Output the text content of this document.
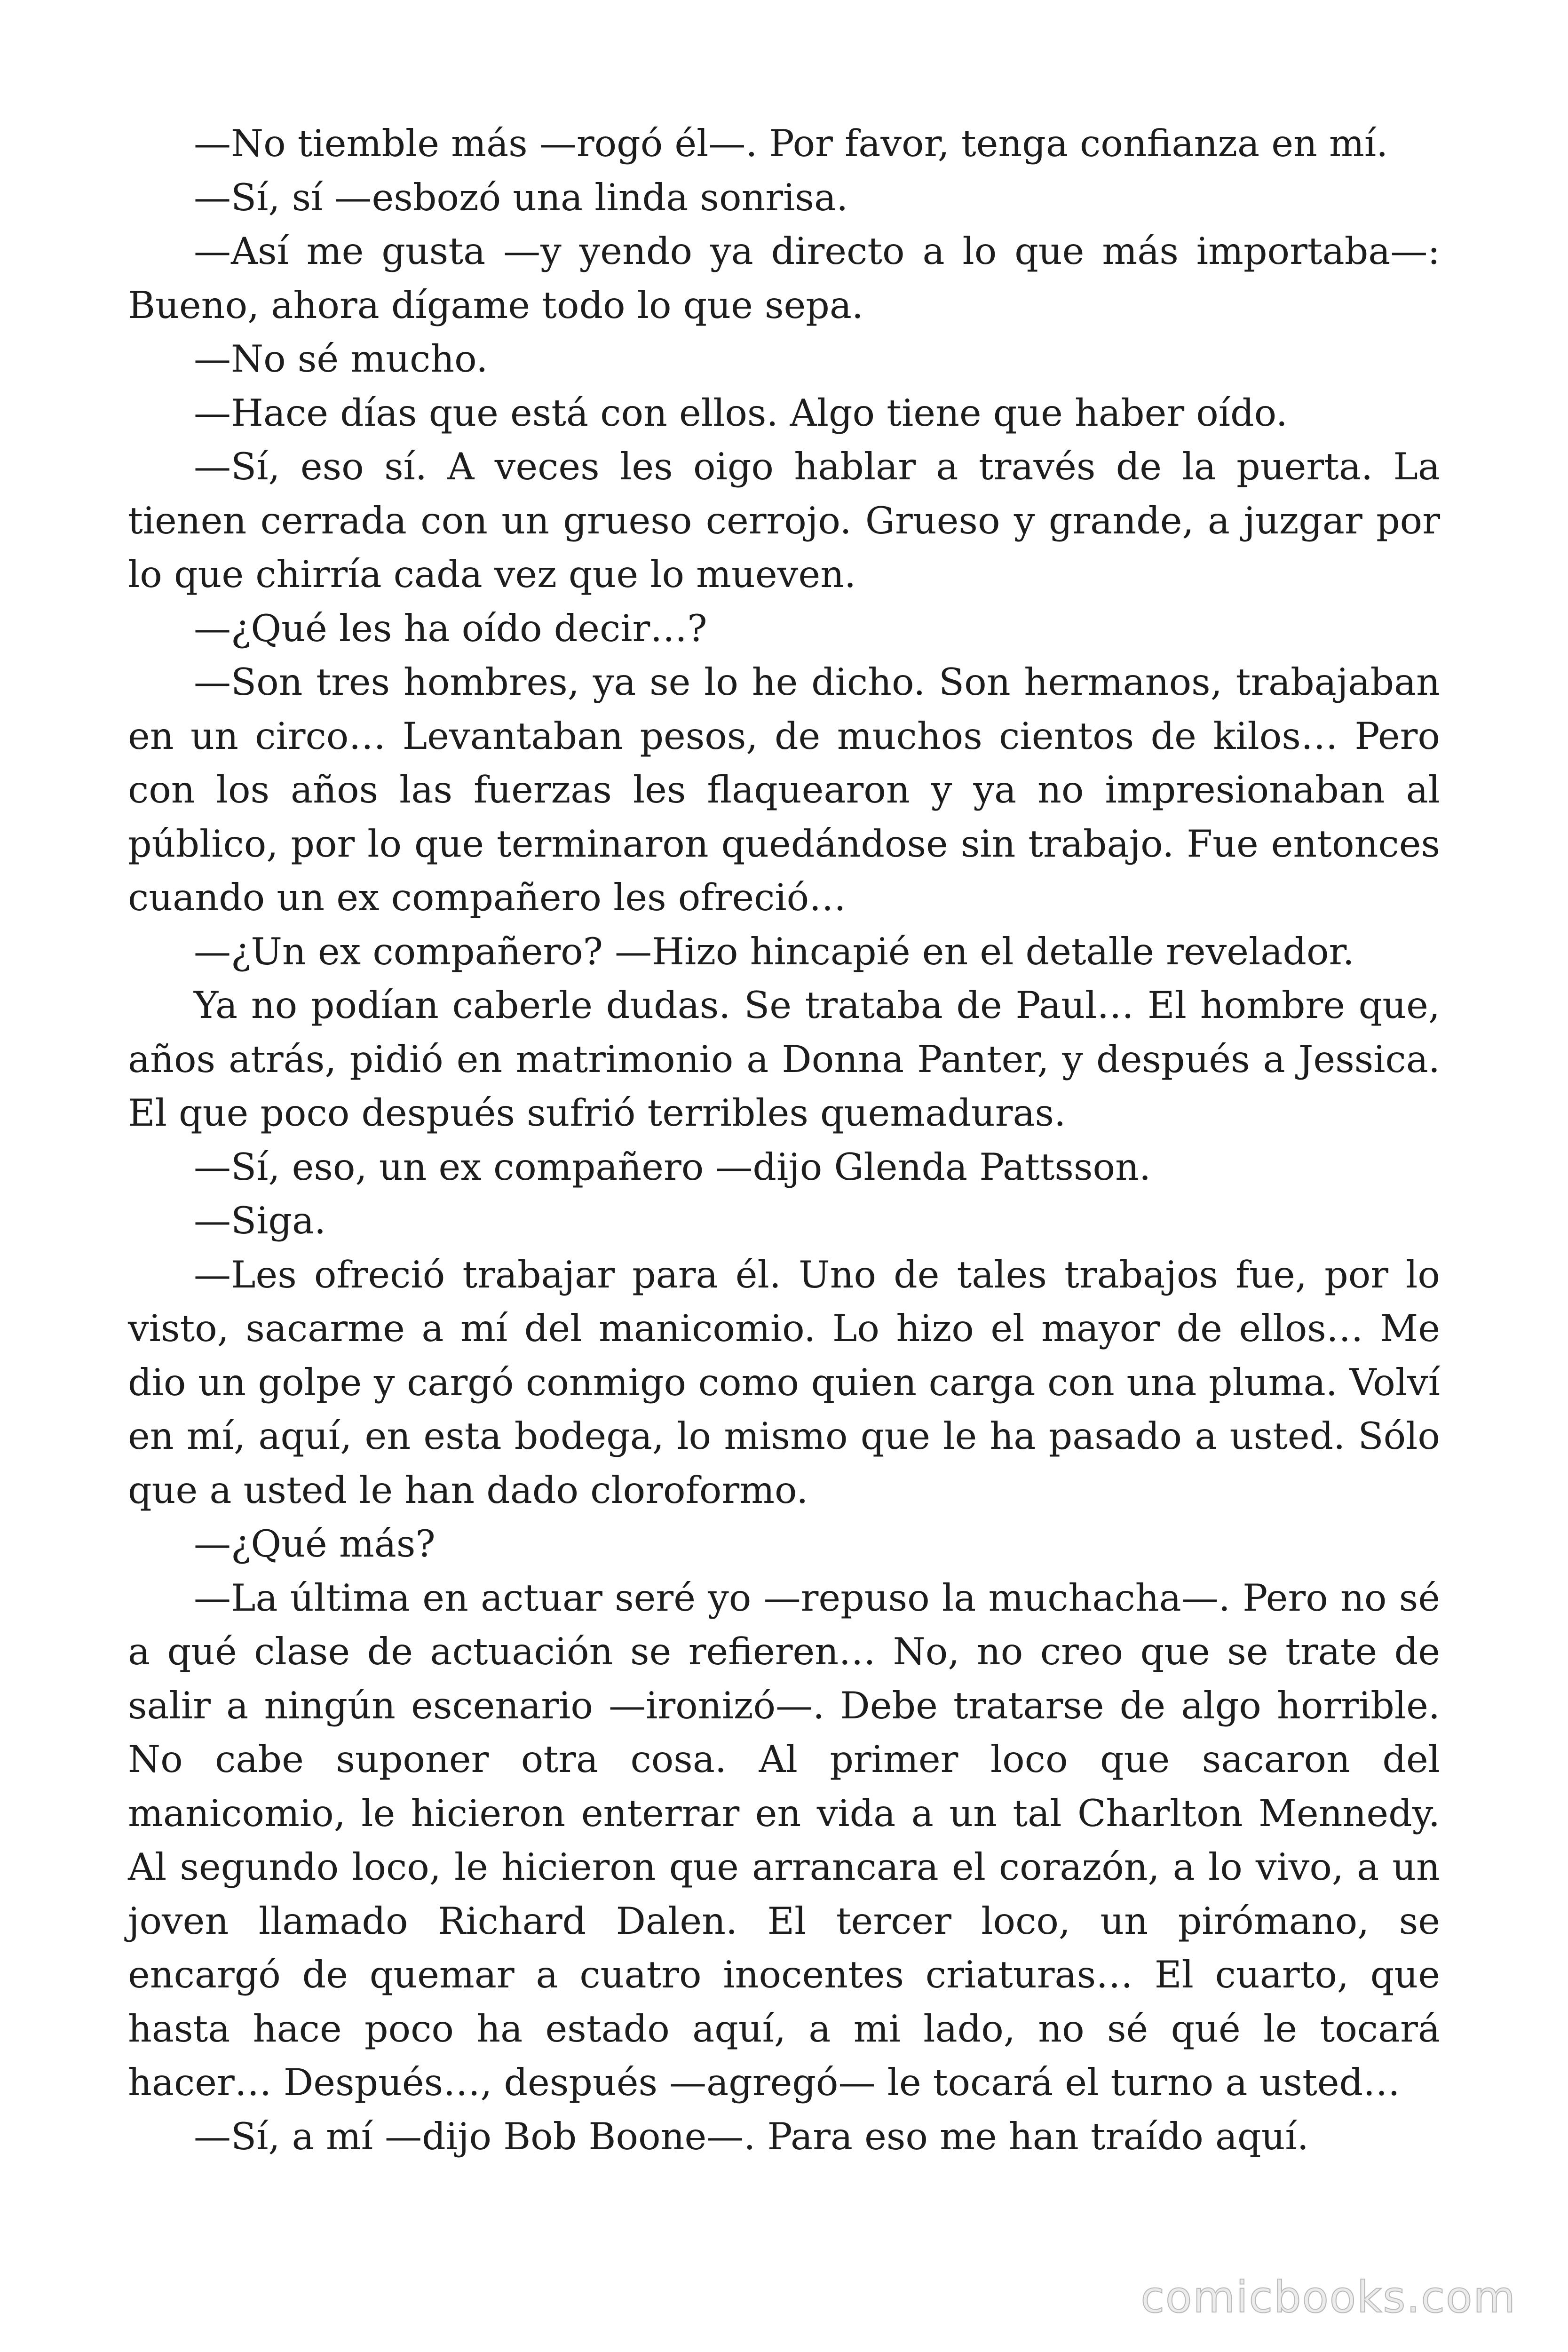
—No tiemble más —rogó él—. Por favor, tenga confianza en mí.

—Sí, sí —esbozó una linda sonrisa.

—Así me gusta —y yendo ya directo a lo que más importaba—: Bueno, ahora dígame todo lo que sepa.

—No sé mucho.

—Hace días que está con ellos. Algo tiene que haber oído.

—Sí, eso sí. A veces les oigo hablar a través de la puerta. La tienen cerrada con un grueso cerrojo. Grueso y grande, a juzgar por lo que chirría cada vez que lo mueven.

—¿Qué les ha oído decir…?

—Son tres hombres, ya se lo he dicho. Son hermanos, trabajaban en un circo… Levantaban pesos, de muchos cientos de kilos… Pero con los años las fuerzas les flaquearon y ya no impresionaban al público, por lo que terminaron quedándose sin trabajo. Fue entonces cuando un ex compañero les ofreció…

—¿Un ex compañero? —Hizo hincapié en el detalle revelador.

Ya no podían caberle dudas. Se trataba de Paul… El hombre que, años atrás, pidió en matrimonio a Donna Panter, y después a Jessica. El que poco después sufrió terribles quemaduras.

—Sí, eso, un ex compañero —dijo Glenda Pattsson.

—Siga.

—Les ofreció trabajar para él. Uno de tales trabajos fue, por lo visto, sacarme a mí del manicomio. Lo hizo el mayor de ellos… Me dio un golpe y cargó conmigo como quien carga con una pluma. Volví en mí, aquí, en esta bodega, lo mismo que le ha pasado a usted. Sólo que a usted le han dado cloroformo.

—¿Qué más?

—La última en actuar seré yo —repuso la muchacha—. Pero no sé a qué clase de actuación se refieren… No, no creo que se trate de salir a ningún escenario —ironizó—. Debe tratarse de algo horrible. No cabe suponer otra cosa. Al primer loco que sacaron del manicomio, le hicieron enterrar en vida a un tal Charlton Mennedy. Al segundo loco, le hicieron que arrancara el corazón, a lo vivo, a un joven llamado Richard Dalen. El tercer loco, un pirómano, se encargó de quemar a cuatro inocentes criaturas… El cuarto, que hasta hace poco ha estado aquí, a mi lado, no sé qué le tocará hacer… Después…, después —agregó— le tocará el turno a usted…

—Sí, a mí —dijo Bob Boone—. Para eso me han traído aquí.

comicbooks.com
